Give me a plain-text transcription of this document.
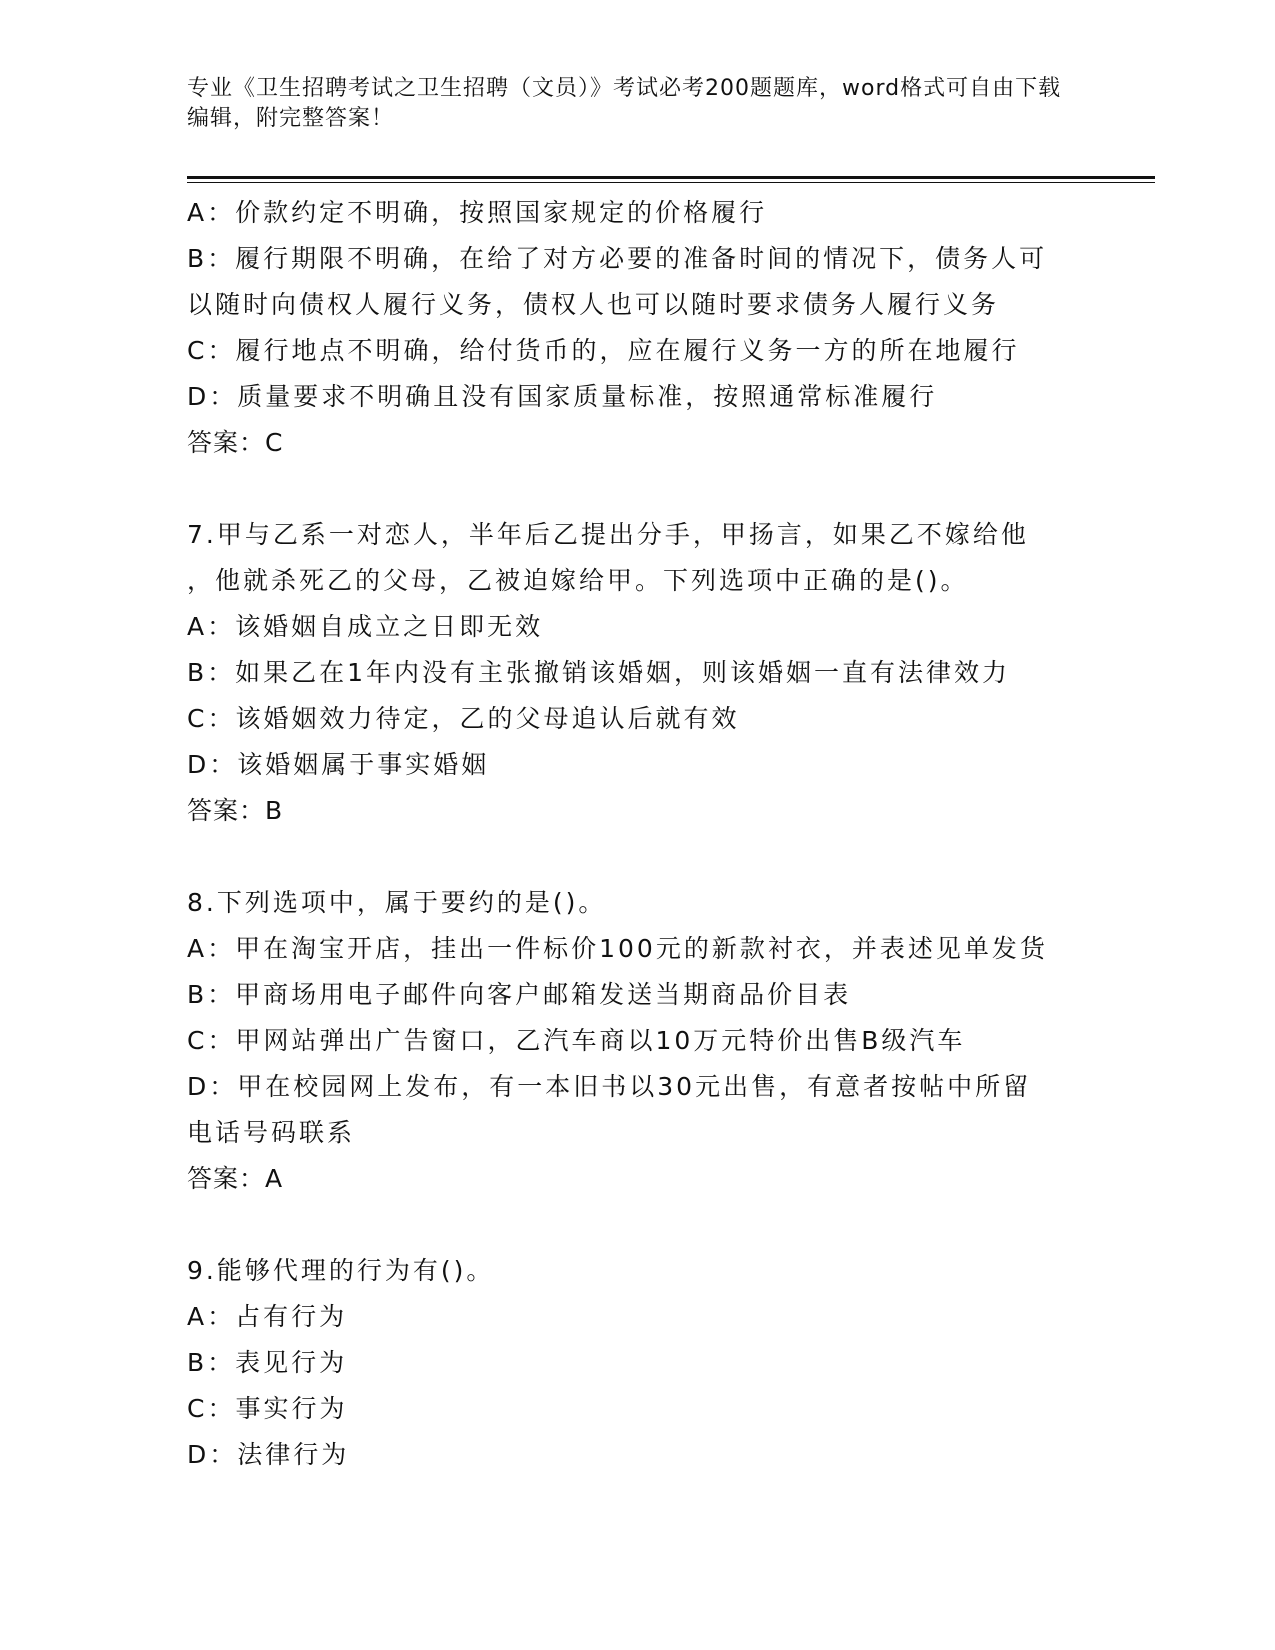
专业《卫生招聘考试之卫生招聘（文员）》考试必考200题题库，word格式可自由下载编辑，附完整答案！
A：价款约定不明确，按照国家规定的价格履行
B：履行期限不明确，在给了对方必要的准备时间的情况下，债务人可
以随时向债权人履行义务，债权人也可以随时要求债务人履行义务
C：履行地点不明确，给付货币的，应在履行义务一方的所在地履行
D：质量要求不明确且没有国家质量标准，按照通常标准履行
答案：C
7.甲与乙系一对恋人，半年后乙提出分手，甲扬言，如果乙不嫁给他
，他就杀死乙的父母，乙被迫嫁给甲。下列选项中正确的是()。
A：该婚姻自成立之日即无效
B：如果乙在1年内没有主张撤销该婚姻，则该婚姻一直有法律效力
C：该婚姻效力待定，乙的父母追认后就有效
D：该婚姻属于事实婚姻
答案：B
8.下列选项中，属于要约的是()。
A：甲在淘宝开店，挂出一件标价100元的新款衬衣，并表述见单发货
B：甲商场用电子邮件向客户邮箱发送当期商品价目表
C：甲网站弹出广告窗口，乙汽车商以10万元特价出售B级汽车
D：甲在校园网上发布，有一本旧书以30元出售，有意者按帖中所留
电话号码联系
答案：A
9.能够代理的行为有()。
A：占有行为
B：表见行为
C：事实行为
D：法律行为
